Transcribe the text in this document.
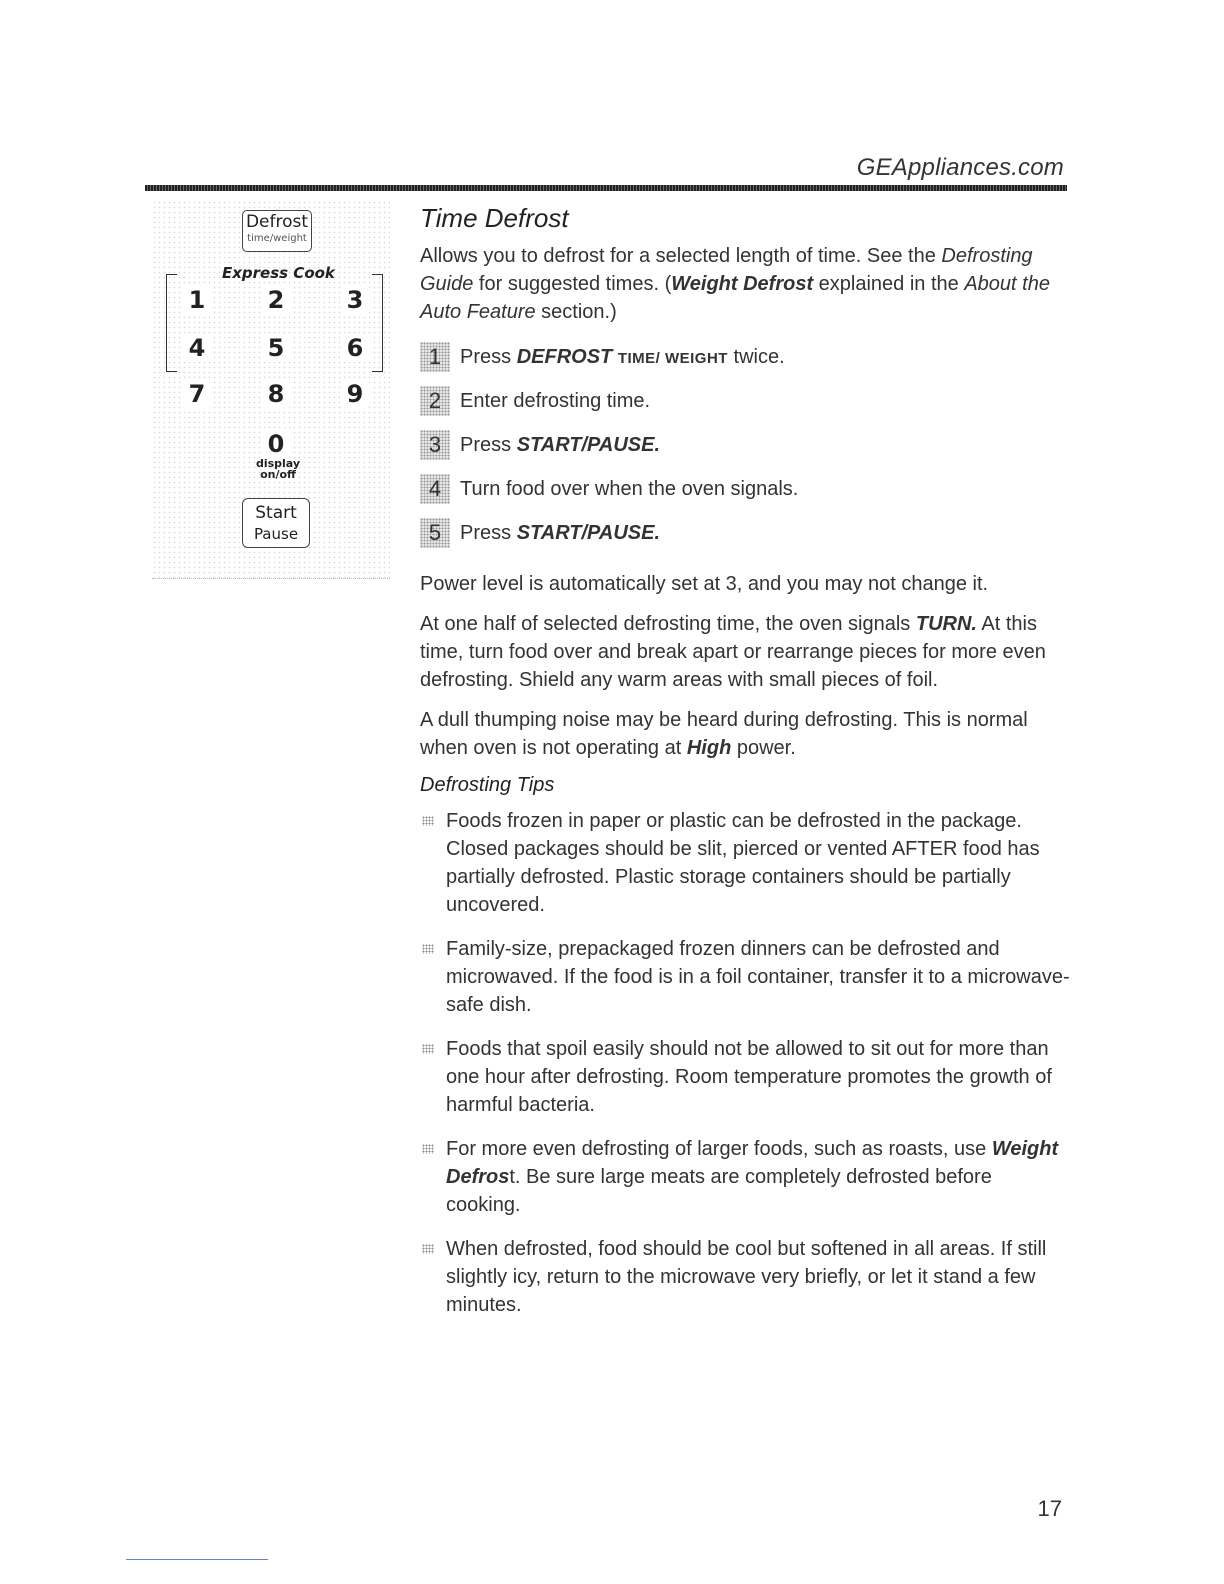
GEAppliances.com
Defrost
time/weight
Express Cook
1	2	3
4	5	6
7	8	9
0
display
on/off
Start
Pause
Time Defrost

Allows you to defrost for a selected length of time. See the Defrosting Guide for suggested times. (Weight Defrost explained in the About the Auto Feature section.)

1 Press DEFROST TIME/ WEIGHT twice.
2 Enter defrosting time.
3 Press START/PAUSE.
4 Turn food over when the oven signals.
5 Press START/PAUSE.

Power level is automatically set at 3, and you may not change it.

At one half of selected defrosting time, the oven signals TURN. At this time, turn food over and break apart or rearrange pieces for more even defrosting. Shield any warm areas with small pieces of foil.

A dull thumping noise may be heard during defrosting. This is normal when oven is not operating at High power.

Defrosting Tips
Foods frozen in paper or plastic can be defrosted in the package. Closed packages should be slit, pierced or vented AFTER food has partially defrosted. Plastic storage containers should be partially uncovered.
Family-size, prepackaged frozen dinners can be defrosted and microwaved. If the food is in a foil container, transfer it to a microwave-safe dish.
Foods that spoil easily should not be allowed to sit out for more than one hour after defrosting. Room temperature promotes the growth of harmful bacteria.
For more even defrosting of larger foods, such as roasts, use Weight Defrost. Be sure large meats are completely defrosted before cooking.
When defrosted, food should be cool but softened in all areas. If still slightly icy, return to the microwave very briefly, or let it stand a few minutes.
17
